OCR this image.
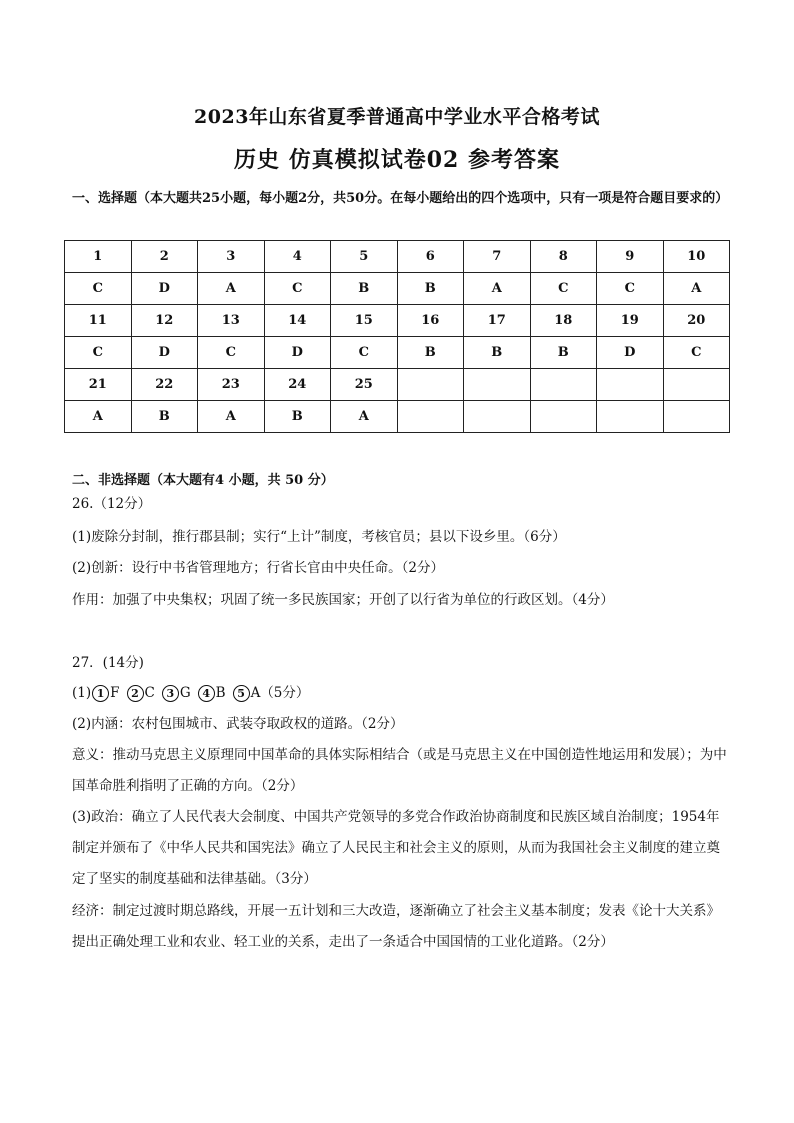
2023年山东省夏季普通高中学业水平合格考试
历史 仿真模拟试卷02 参考答案
一、选择题（本大题共25小题，每小题2分，共50分。在每小题给出的四个选项中，只有一项是符合题目要求的）
1	2	3	4	5	6	7	8	9	10
C	D	A	C	B	B	A	C	C	A
11	12	13	14	15	16	17	18	19	20
C	D	C	D	C	B	B	B	D	C
21	22	23	24	25					
A	B	A	B	A					
二、非选择题（本大题有4 小题，共 50 分）
26.（12分）
(1)废除分封制，推行郡县制；实行“上计”制度，考核官员；县以下设乡里。（6分）
(2)创新：设行中书省管理地方；行省长官由中央任命。（2分）
作用：加强了中央集权；巩固了统一多民族国家；开创了以行省为单位的行政区划。（4分）
27．(14分)
(1) 1 F 2 C 3 G 4 B 5 A（5分）
(2)内涵：农村包围城市、武装夺取政权的道路。（2分）
意义：推动马克思主义原理同中国革命的具体实际相结合（或是马克思主义在中国创造性地运用和发展）；为中国革命胜利指明了正确的方向。（2分）
(3)政治：确立了人民代表大会制度、中国共产党领导的多党合作政治协商制度和民族区域自治制度；1954年制定并颁布了《中华人民共和国宪法》确立了人民民主和社会主义的原则，从而为我国社会主义制度的建立奠定了坚实的制度基础和法律基础。（3分）
经济：制定过渡时期总路线，开展一五计划和三大改造，逐渐确立了社会主义基本制度；发表《论十大关系》提出正确处理工业和农业、轻工业的关系，走出了一条适合中国国情的工业化道路。（2分）
